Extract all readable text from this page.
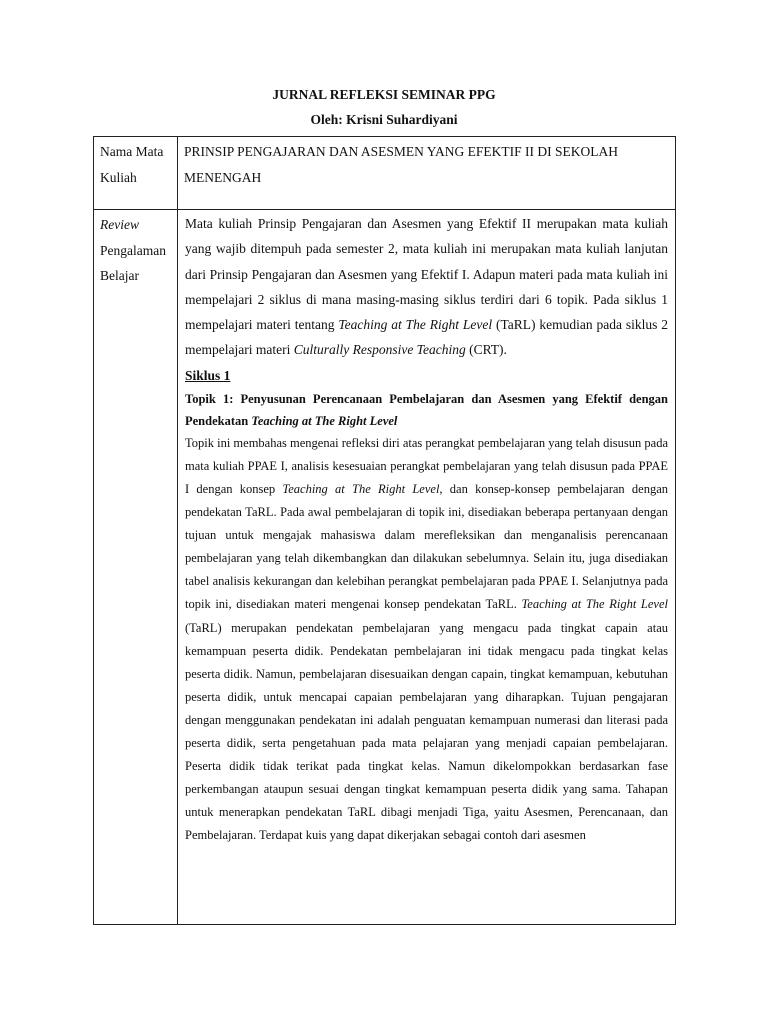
JURNAL REFLEKSI SEMINAR PPG
Oleh: Krisni Suhardiyani
Nama Mata Kuliah	PRINSIP PENGAJARAN DAN ASESMEN YANG EFEKTIF II DI SEKOLAH MENENGAH

Review Pengalaman Belajar	Mata kuliah Prinsip Pengajaran dan Asesmen yang Efektif II merupakan mata kuliah yang wajib ditempuh pada semester 2, mata kuliah ini merupakan mata kuliah lanjutan dari Prinsip Pengajaran dan Asesmen yang Efektif I. Adapun materi pada mata kuliah ini mempelajari 2 siklus di mana masing-masing siklus terdiri dari 6 topik. Pada siklus 1 mempelajari materi tentang Teaching at The Right Level (TaRL) kemudian pada siklus 2 mempelajari materi Culturally Responsive Teaching (CRT).

Siklus 1

Topik 1: Penyusunan Perencanaan Pembelajaran dan Asesmen yang Efektif dengan Pendekatan Teaching at The Right Level

Topik ini membahas mengenai refleksi diri atas perangkat pembelajaran yang telah disusun pada mata kuliah PPAE I, analisis kesesuaian perangkat pembelajaran yang telah disusun pada PPAE I dengan konsep Teaching at The Right Level, dan konsep-konsep pembelajaran dengan pendekatan TaRL. Pada awal pembelajaran di topik ini, disediakan beberapa pertanyaan dengan tujuan untuk mengajak mahasiswa dalam merefleksikan dan menganalisis perencanaan pembelajaran yang telah dikembangkan dan dilakukan sebelumnya. Selain itu, juga disediakan tabel analisis kekurangan dan kelebihan perangkat pembelajaran pada PPAE I. Selanjutnya pada topik ini, disediakan materi mengenai konsep pendekatan TaRL. Teaching at The Right Level (TaRL) merupakan pendekatan pembelajaran yang mengacu pada tingkat capain atau kemampuan peserta didik. Pendekatan pembelajaran ini tidak mengacu pada tingkat kelas peserta didik. Namun, pembelajaran disesuaikan dengan capain, tingkat kemampuan, kebutuhan peserta didik, untuk mencapai capaian pembelajaran yang diharapkan. Tujuan pengajaran dengan menggunakan pendekatan ini adalah penguatan kemampuan numerasi dan literasi pada peserta didik, serta pengetahuan pada mata pelajaran yang menjadi capaian pembelajaran. Peserta didik tidak terikat pada tingkat kelas. Namun dikelompokkan berdasarkan fase perkembangan ataupun sesuai dengan tingkat kemampuan peserta didik yang sama. Tahapan untuk menerapkan pendekatan TaRL dibagi menjadi Tiga, yaitu Asesmen, Perencanaan, dan Pembelajaran. Terdapat kuis yang dapat dikerjakan sebagai contoh dari asesmen
